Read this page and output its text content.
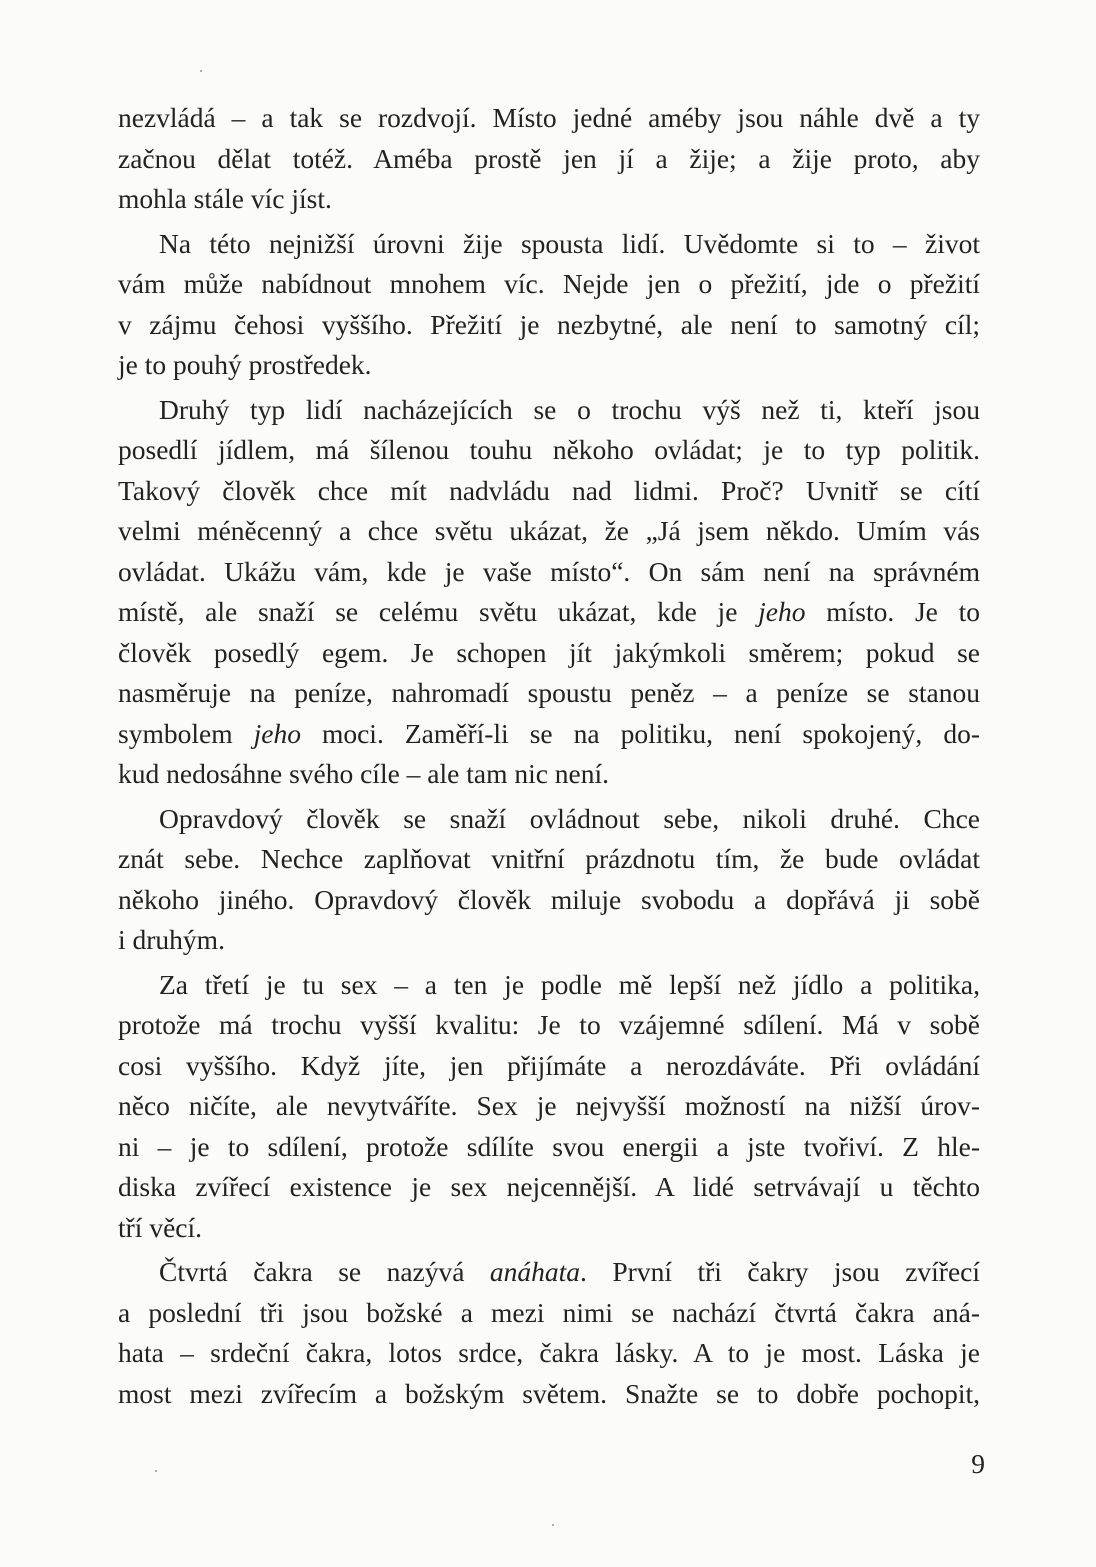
nezvládá – a tak se rozdvojí. Místo jedné améby jsou náhle dvě a ty
začnou dělat totéž. Améba prostě jen jí a žije; a žije proto, aby
mohla stále víc jíst.
Na této nejnižší úrovni žije spousta lidí. Uvědomte si to – život
vám může nabídnout mnohem víc. Nejde jen o přežití, jde o přežití
v zájmu čehosi vyššího. Přežití je nezbytné, ale není to samotný cíl;
je to pouhý prostředek.
Druhý typ lidí nacházejících se o trochu výš než ti, kteří jsou
posedlí jídlem, má šílenou touhu někoho ovládat; je to typ politik.
Takový člověk chce mít nadvládu nad lidmi. Proč? Uvnitř se cítí
velmi méněcenný a chce světu ukázat, že „Já jsem někdo. Umím vás
ovládat. Ukážu vám, kde je vaše místo“. On sám není na správném
místě, ale snaží se celému světu ukázat, kde je jeho místo. Je to
člověk posedlý egem. Je schopen jít jakýmkoli směrem; pokud se
nasměruje na peníze, nahromadí spoustu peněz – a peníze se stanou
symbolem jeho moci. Zaměří-li se na politiku, není spokojený, do-
kud nedosáhne svého cíle – ale tam nic není.
Opravdový člověk se snaží ovládnout sebe, nikoli druhé. Chce
znát sebe. Nechce zaplňovat vnitřní prázdnotu tím, že bude ovládat
někoho jiného. Opravdový člověk miluje svobodu a dopřává ji sobě
i druhým.
Za třetí je tu sex – a ten je podle mě lepší než jídlo a politika,
protože má trochu vyšší kvalitu: Je to vzájemné sdílení. Má v sobě
cosi vyššího. Když jíte, jen přijímáte a nerozdáváte. Při ovládání
něco ničíte, ale nevytváříte. Sex je nejvyšší možností na nižší úrov-
ni – je to sdílení, protože sdílíte svou energii a jste tvořiví. Z hle-
diska zvířecí existence je sex nejcennější. A lidé setrvávají u těchto
tří věcí.
Čtvrtá čakra se nazývá anáhata. První tři čakry jsou zvířecí
a poslední tři jsou božské a mezi nimi se nachází čtvrtá čakra aná-
hata – srdeční čakra, lotos srdce, čakra lásky. A to je most. Láska je
most mezi zvířecím a božským světem. Snažte se to dobře pochopit,
9
